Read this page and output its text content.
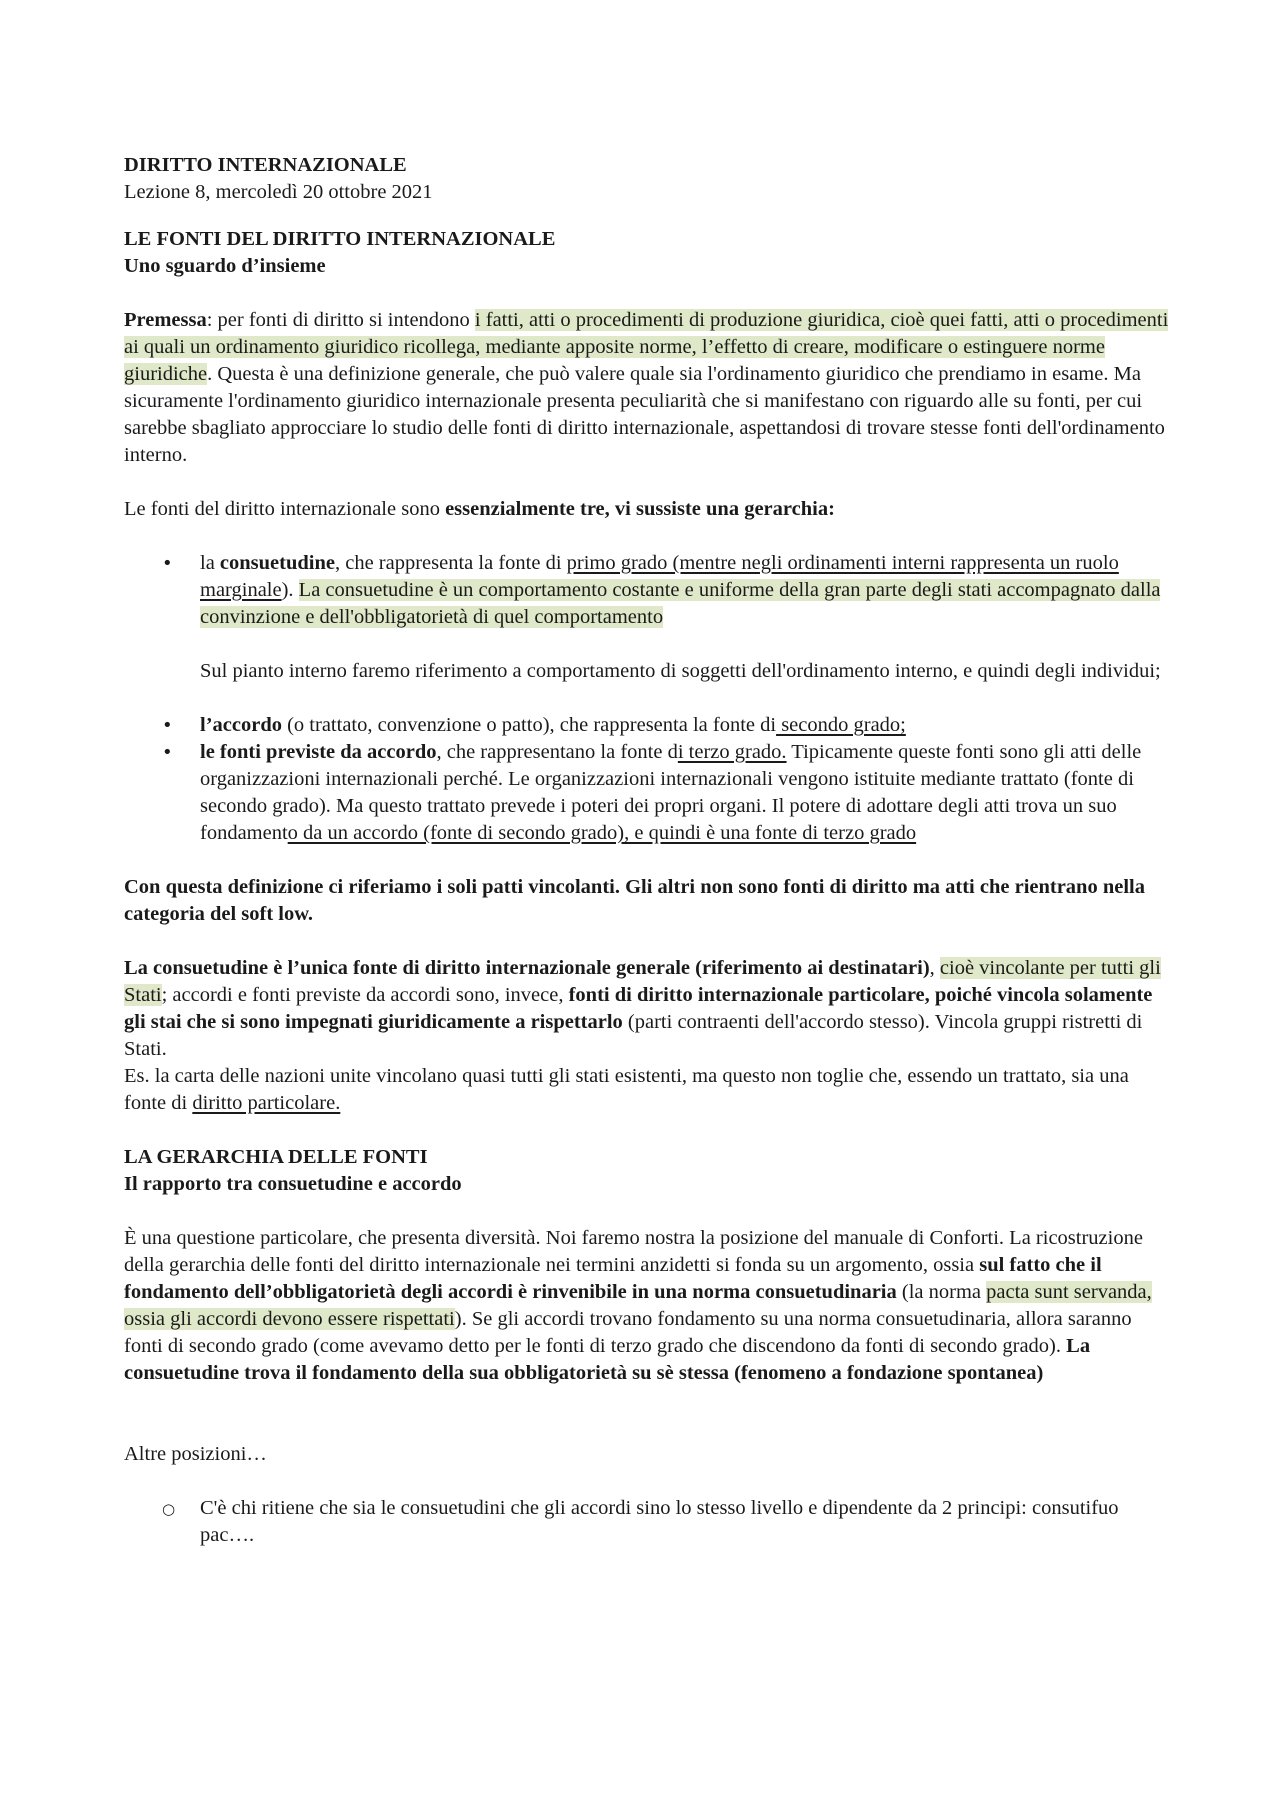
DIRITTO INTERNAZIONALE
Lezione 8, mercoledì 20 ottobre 2021
LE FONTI DEL DIRITTO INTERNAZIONALE
Uno sguardo d’insieme

Premessa: per fonti di diritto si intendono i fatti, atti o procedimenti di produzione giuridica, cioè quei fatti, atti o procedimenti ai quali un ordinamento giuridico ricollega, mediante apposite norme, l’effetto di creare, modificare o estinguere norme giuridiche. Questa è una definizione generale, che può valere quale sia l'ordinamento giuridico che prendiamo in esame. Ma sicuramente l'ordinamento giuridico internazionale presenta peculiarità che si manifestano con riguardo alle su fonti, per cui sarebbe sbagliato approcciare lo studio delle fonti di diritto internazionale, aspettandosi di trovare stesse fonti dell'ordinamento interno.

Le fonti del diritto internazionale sono essenzialmente tre, vi sussiste una gerarchia:

• la consuetudine, che rappresenta la fonte di primo grado (mentre negli ordinamenti interni rappresenta un ruolo marginale). La consuetudine è un comportamento costante e uniforme della gran parte degli stati accompagnato dalla convinzione e dell'obbligatorietà di quel comportamento
Sul pianto interno faremo riferimento a comportamento di soggetti dell'ordinamento interno, e quindi degli individui;
• l’accordo (o trattato, convenzione o patto), che rappresenta la fonte di secondo grado;
• le fonti previste da accordo, che rappresentano la fonte di terzo grado. Tipicamente queste fonti sono gli atti delle organizzazioni internazionali perché. Le organizzazioni internazionali vengono istituite mediante trattato (fonte di secondo grado). Ma questo trattato prevede i poteri dei propri organi. Il potere di adottare degli atti trova un suo fondamento da un accordo (fonte di secondo grado), e quindi è una fonte di terzo grado

Con questa definizione ci riferiamo i soli patti vincolanti. Gli altri non sono fonti di diritto ma atti che rientrano nella categoria del soft low.

La consuetudine è l’unica fonte di diritto internazionale generale (riferimento ai destinatari), cioè vincolante per tutti gli Stati; accordi e fonti previste da accordi sono, invece, fonti di diritto internazionale particolare, poiché vincola solamente gli stai che si sono impegnati giuridicamente a rispettarlo (parti contraenti dell'accordo stesso). Vincola gruppi ristretti di Stati.
Es. la carta delle nazioni unite vincolano quasi tutti gli stati esistenti, ma questo non toglie che, essendo un trattato, sia una fonte di diritto particolare.

LA GERARCHIA DELLE FONTI
Il rapporto tra consuetudine e accordo

È una questione particolare, che presenta diversità. Noi faremo nostra la posizione del manuale di Conforti. La ricostruzione della gerarchia delle fonti del diritto internazionale nei termini anzidetti si fonda su un argomento, ossia sul fatto che il fondamento dell’obbligatorietà degli accordi è rinvenibile in una norma consuetudinaria (la norma pacta sunt servanda, ossia gli accordi devono essere rispettati). Se gli accordi trovano fondamento su una norma consuetudinaria, allora saranno fonti di secondo grado (come avevamo detto per le fonti di terzo grado che discendono da fonti di secondo grado). La consuetudine trova il fondamento della sua obbligatorietà su sè stessa (fenomeno a fondazione spontanea)

Altre posizioni…

○ C'è chi ritiene che sia le consuetudini che gli accordi sino lo stesso livello e dipendente da 2 principi: consutifuo pac….
